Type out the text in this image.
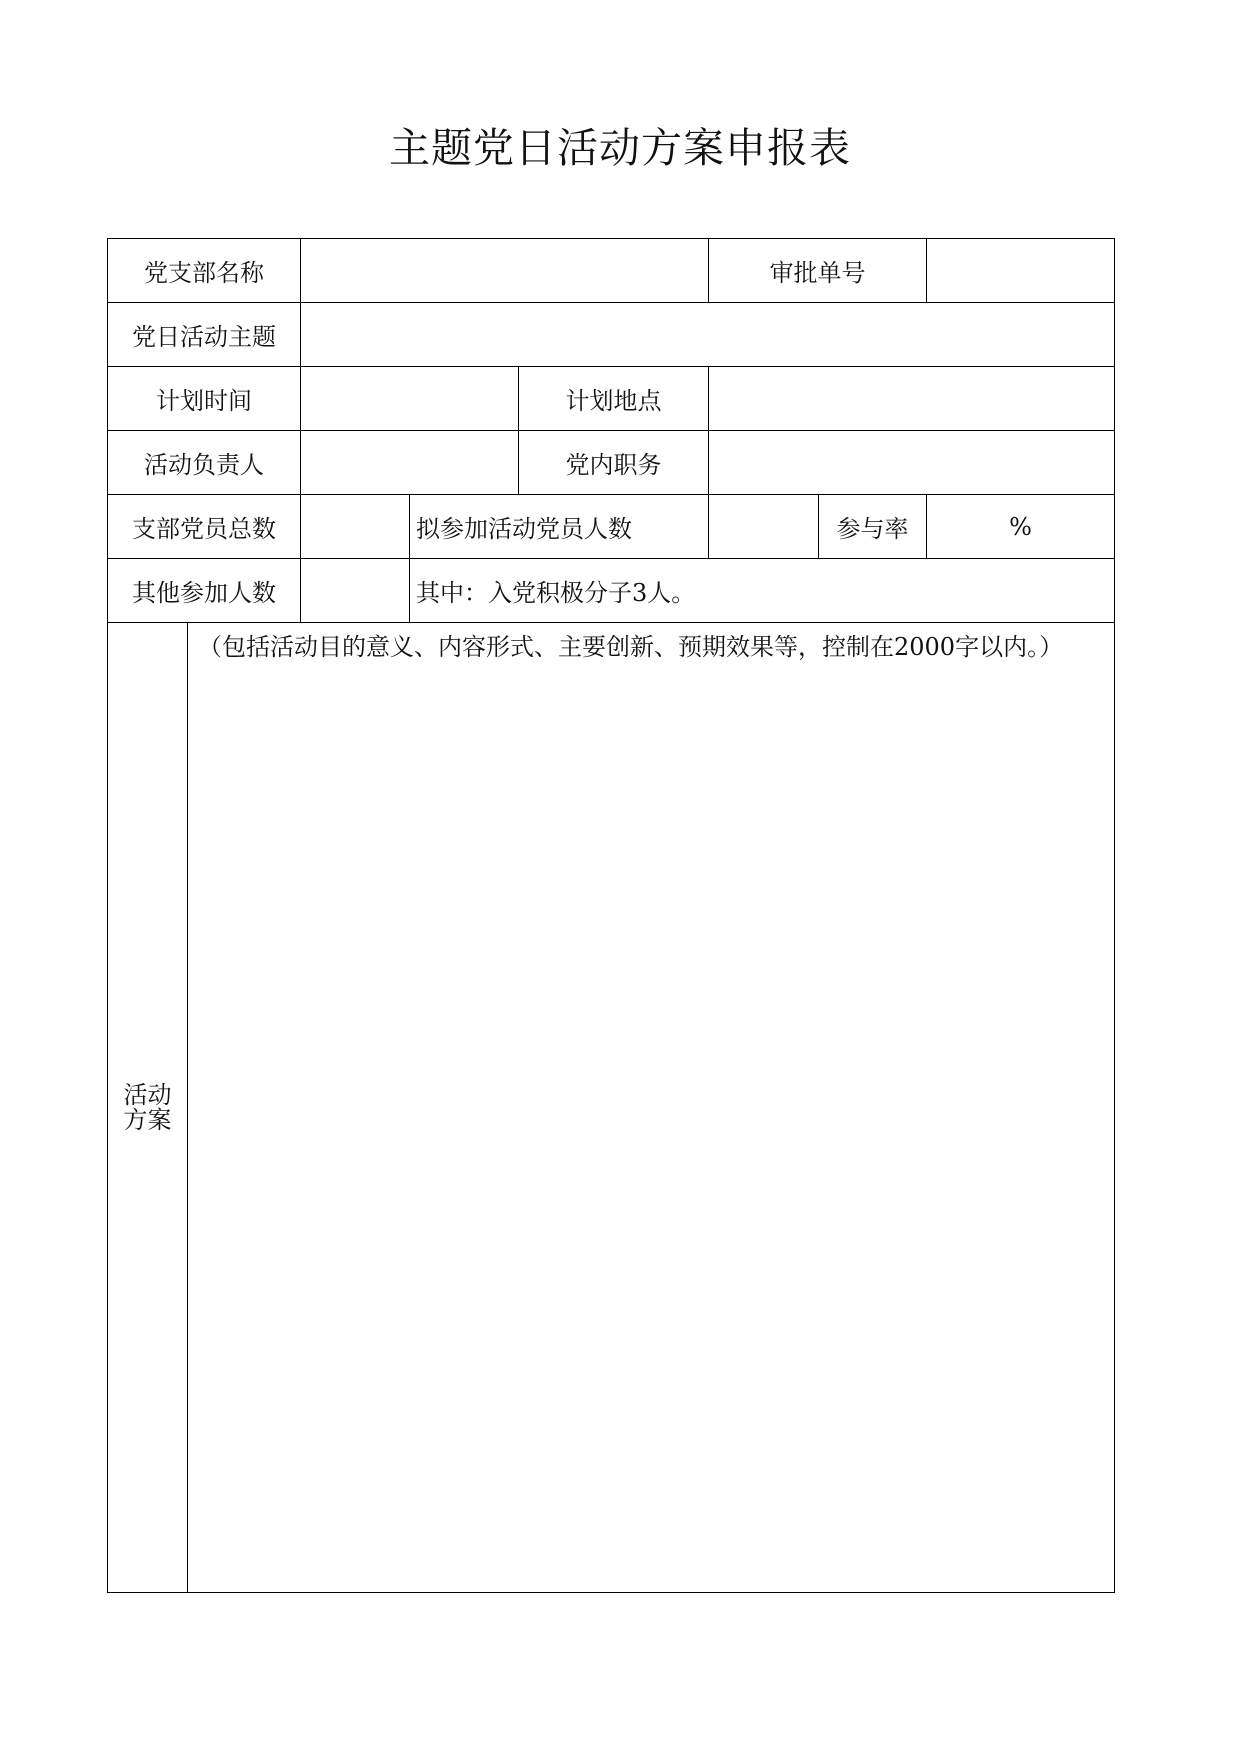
主题党日活动方案申报表
党支部名称					审批单号		
党日活动主题							
计划时间				计划地点			
活动负责人				党内职务			
支部党员总数			拟参加活动党员人数			参与率	%
其他参加人数			其中：入党积极分子3人。				

活动
方案	（包括活动目的意义、内容形式、主要创新、预期效果等，控制在2000字以内。）						
